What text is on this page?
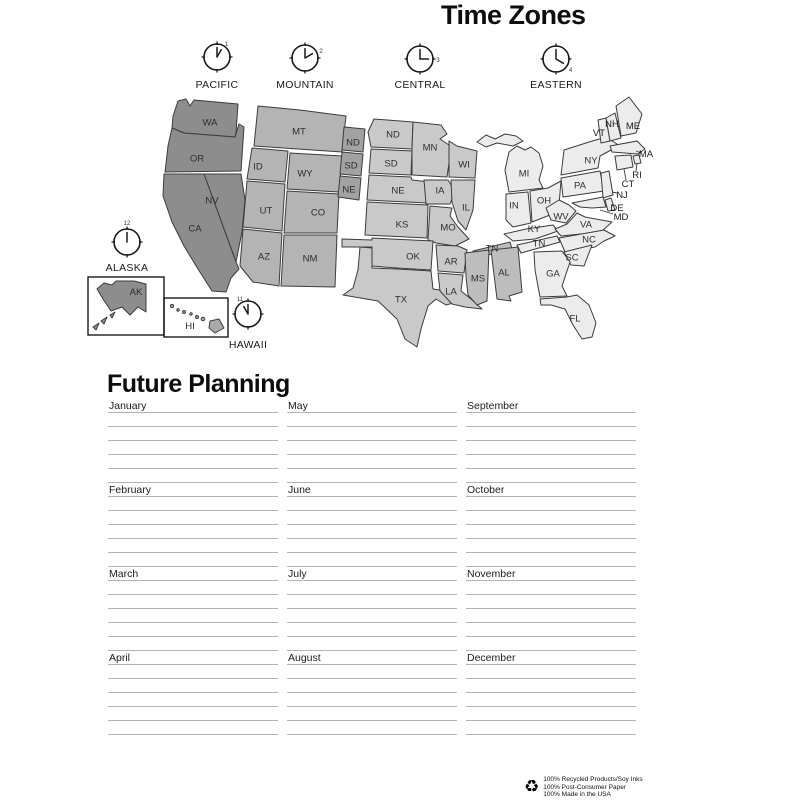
Time Zones
1
PACIFIC
2
MOUNTAIN
3
CENTRAL
4
EASTERN
12
ALASKA
11
HAWAII
WA
OR
NV
CA
MT
ID
WY
UT	CO
AZ	NM
ND
SD
NE
ND
MN
SD	WI
NE	IA
IL
KS	MO
OK	AR
TN
TX
LA
MS
AL
MI
IN OH
KY
TN
WV
VA
PA
NY
NC
SC
GA
FL
AK
HI
VT
NH ME
MA
RI
CT
NJ
DE
MD
Future Planning
January
February
March
April
May
June
July
August
September
October
November
December
♻ 100% Recycled Products/Soy Inks
100% Post-Consumer Paper
100% Made in the USA
